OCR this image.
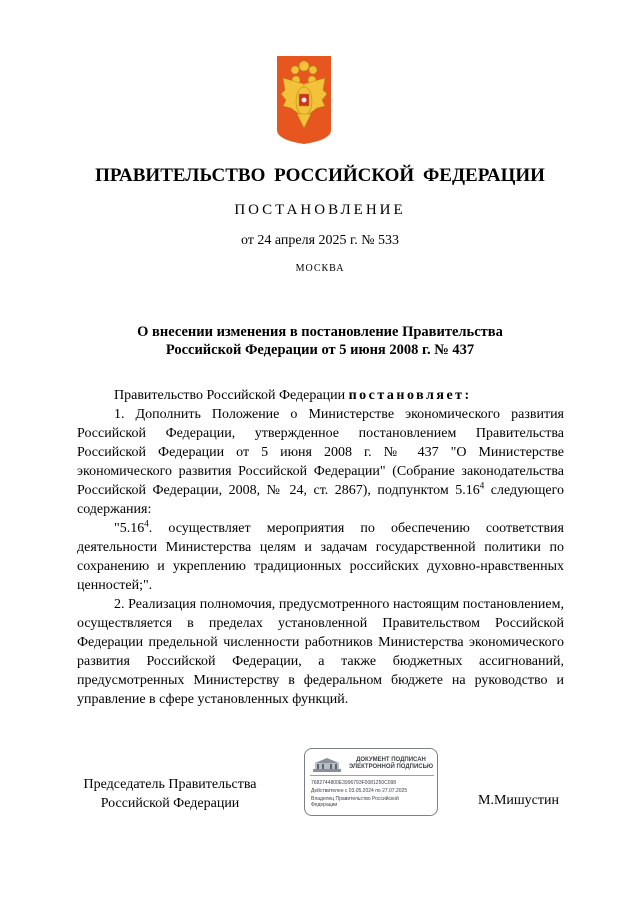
ПРАВИТЕЛЬСТВО РОССИЙСКОЙ ФЕДЕРАЦИИ
ПОСТАНОВЛЕНИЕ
от 24 апреля 2025 г. № 533
МОСКВА
О внесении изменения в постановление Правительства
Российской Федерации от 5 июня 2008 г. № 437

Правительство Российской Федерации постановляет:

1. Дополнить Положение о Министерстве экономического развития Российской Федерации, утвержденное постановлением Правительства Российской Федерации от 5 июня 2008 г. № 437 "О Министерстве экономического развития Российской Федерации" (Собрание законодательства Российской Федерации, 2008, № 24, ст. 2867), подпунктом 5.16$^4$ следующего содержания:

"5.16$^4$. осуществляет мероприятия по обеспечению соответствия деятельности Министерства целям и задачам государственной политики по сохранению и укреплению традиционных российских духовно-нравственных ценностей;".

2. Реализация полномочия, предусмотренного настоящим постановлением, осуществляется в пределах установленной Правительством Российской Федерации предельной численности работников Министерства экономического развития Российской Федерации, а также бюджетных ассигнований, предусмотренных Министерству в федеральном бюджете на руководство и управление в сфере установленных функций.

Председатель Правительства
Российской Федерации
ДОКУМЕНТ ПОДПИСАН
ЭЛЕКТРОННОЙ ПОДПИСЬЮ
7682744800E3996793F0081250C098
Действителен с 03.05.2024 по 27.07.2025
Владелец Правительство Российской
Федерации	М.Мишустин
